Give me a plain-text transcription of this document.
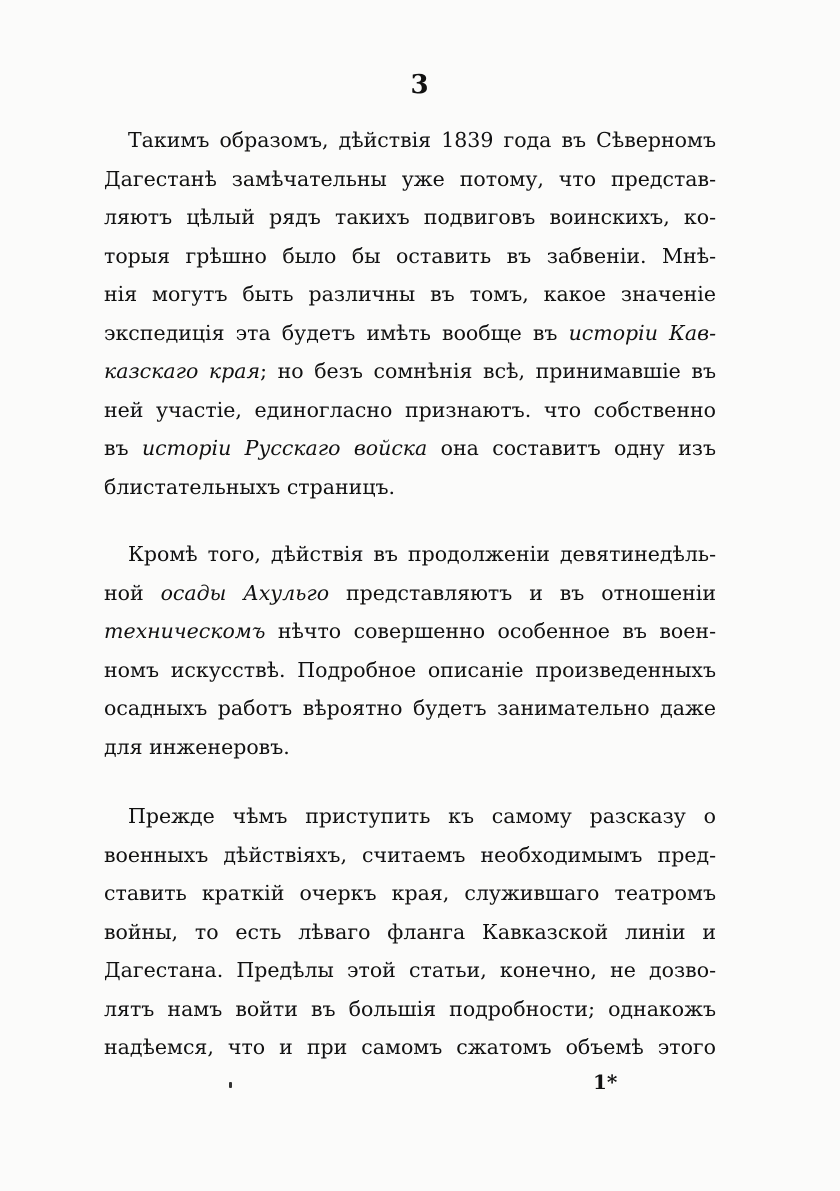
3
Такимъ образомъ, дѣйствія 1839 года въ Сѣверномъ
Дагестанѣ замѣчательны уже потому, что представ-
ляютъ цѣлый рядъ такихъ подвиговъ воинскихъ, ко-
торыя грѣшно было бы оставить въ забвеніи. Мнѣ-
нія могутъ быть различны въ томъ, какое значеніе
экспедиція эта будетъ имѣть вообще въ исторіи Кав-
казскаго края; но безъ сомнѣнія всѣ, принимавшіе въ
ней участіе, единогласно признаютъ. что собственно
въ исторіи Русскаго войска она составитъ одну изъ
блистательныхъ страницъ.
Кромѣ того, дѣйствія въ продолженіи девятинедѣль-
ной осады Ахульго представляютъ и въ отношеніи
техническомъ нѣчто совершенно особенное въ воен-
номъ искусствѣ. Подробное описаніе произведенныхъ
осадныхъ работъ вѣроятно будетъ занимательно даже
для инженеровъ.
Прежде чѣмъ приступить къ самому разсказу о
военныхъ дѣйствіяхъ, считаемъ необходимымъ пред-
ставить краткій очеркъ края, служившаго театромъ
войны, то есть лѣваго фланга Кавказской линіи и
Дагестана. Предѣлы этой статьи, конечно, не дозво-
лятъ намъ войти въ большія подробности; однакожъ
надѣемся, что и при самомъ сжатомъ объемѣ этого
1*
